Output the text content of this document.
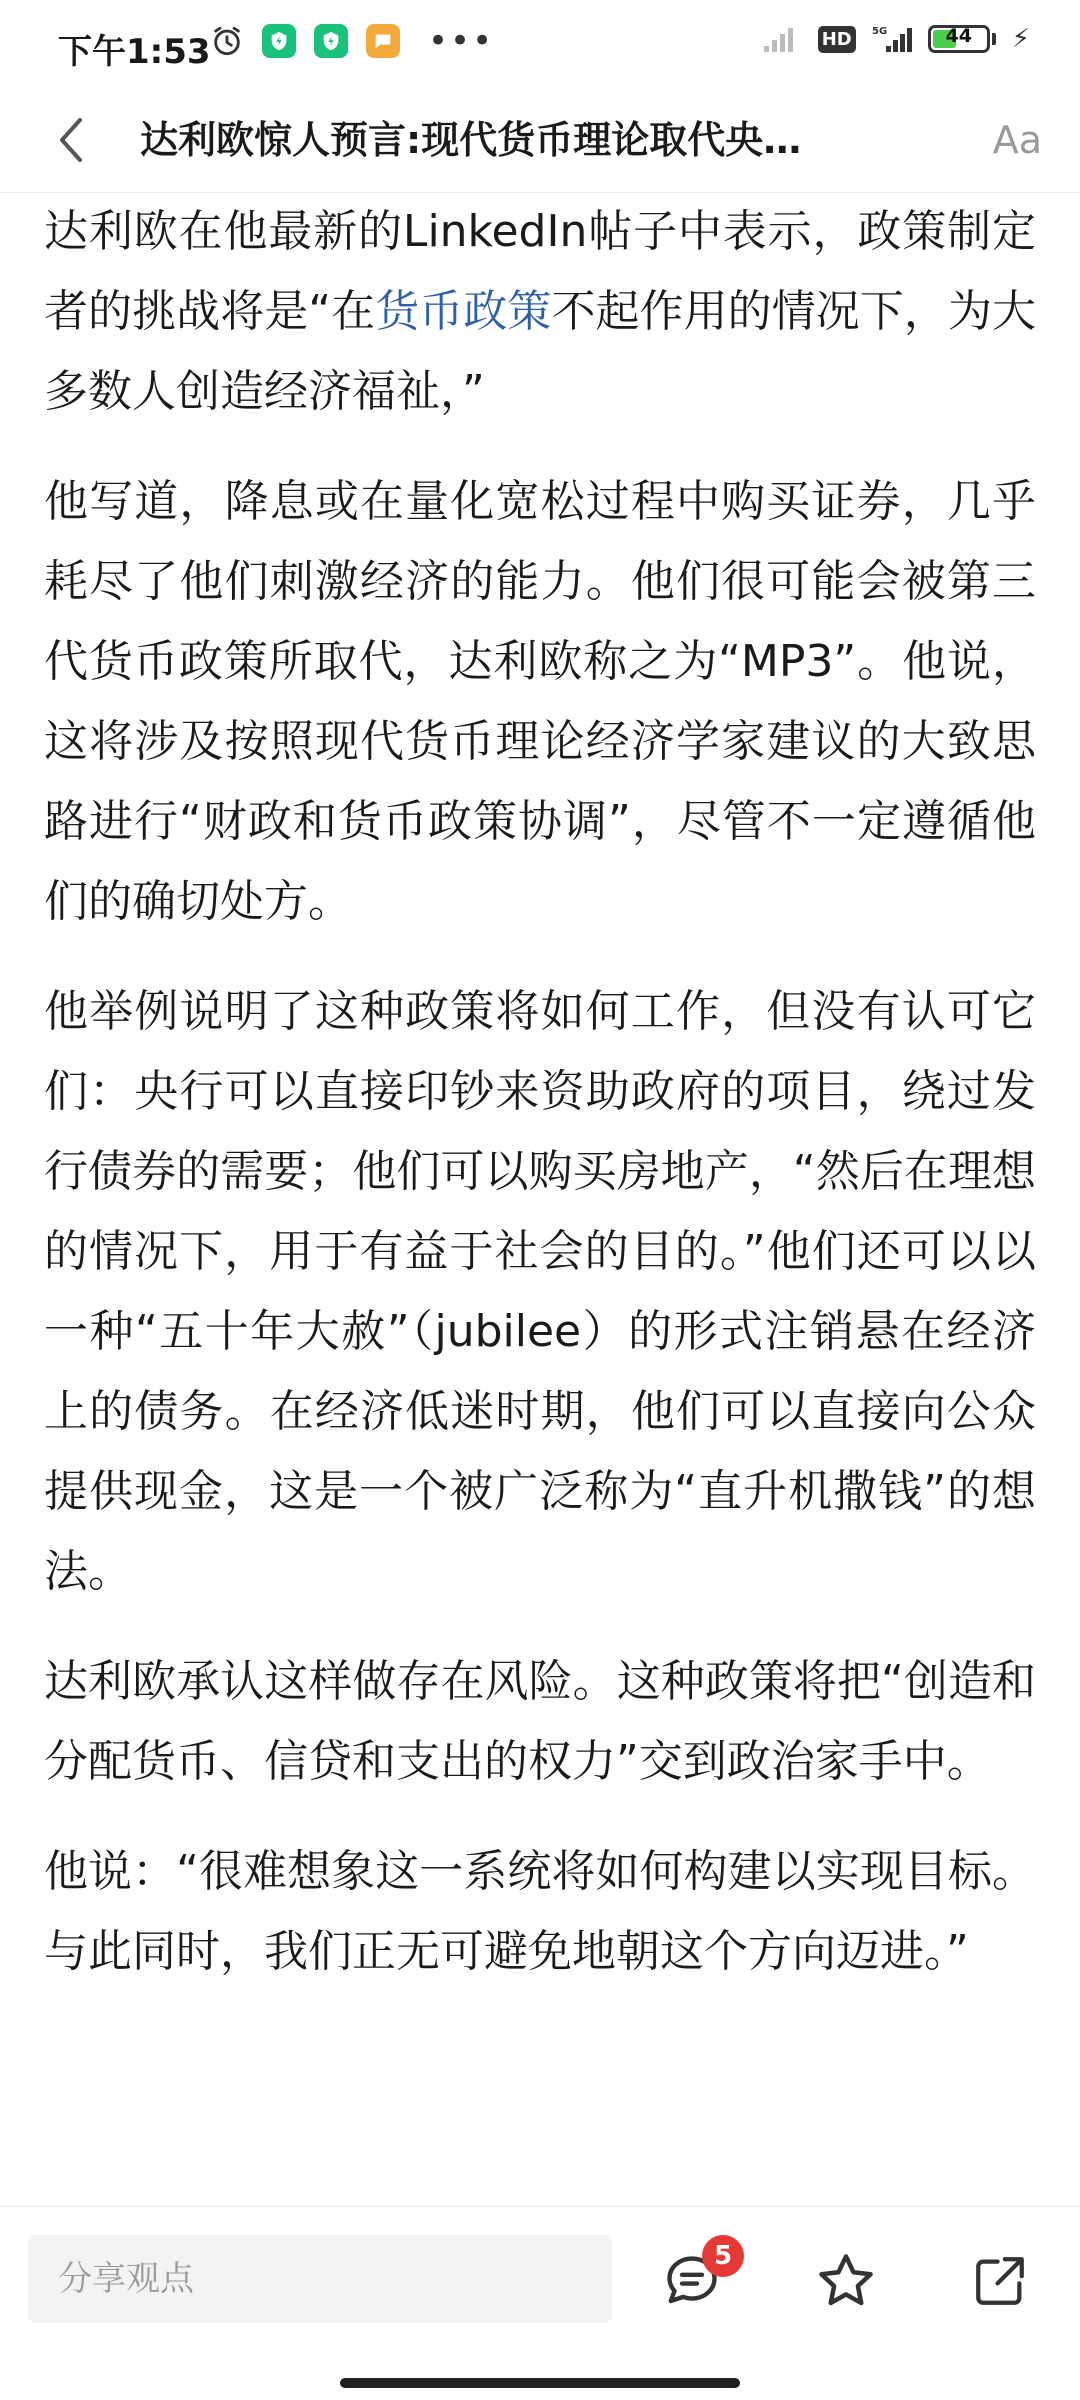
下午1:53	•••	HD	5G	44	⚡
达利欧惊人预言:现代货币理论取代央…	Aa

达利欧在他最新的LinkedIn帖子中表示，政策制定者的挑战将是“在货币政策不起作用的情况下，为大多数人创造经济福祉，”

他写道，降息或在量化宽松过程中购买证券，几乎耗尽了他们刺激经济的能力。他们很可能会被第三代货币政策所取代，达利欧称之为“MP3”。他说，这将涉及按照现代货币理论经济学家建议的大致思路进行“财政和货币政策协调”，尽管不一定遵循他们的确切处方。

他举例说明了这种政策将如何工作，但没有认可它们：央行可以直接印钞来资助政府的项目，绕过发行债券的需要；他们可以购买房地产，“然后在理想的情况下，用于有益于社会的目的。”他们还可以以一种“五十年大赦”（jubilee）的形式注销悬在经济上的债务。在经济低迷时期，他们可以直接向公众提供现金，这是一个被广泛称为“直升机撒钱”的想法。

达利欧承认这样做存在风险。这种政策将把“创造和分配货币、信贷和支出的权力”交到政治家手中。

他说：“很难想象这一系统将如何构建以实现目标。与此同时，我们正无可避免地朝这个方向迈进。”

分享观点
5
